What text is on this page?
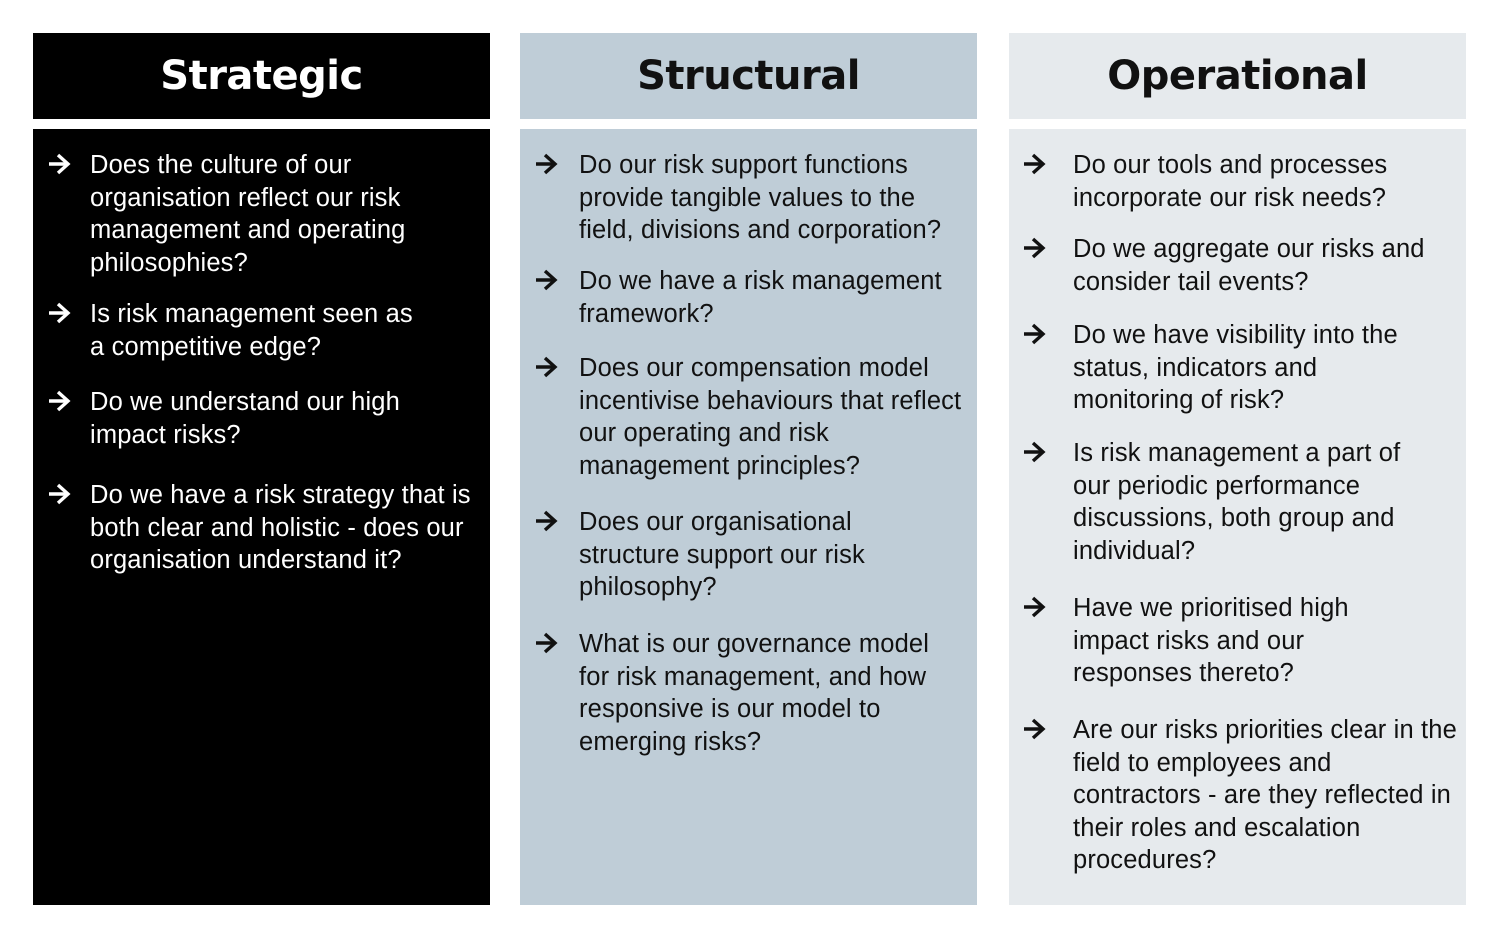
Strategic
Does the culture of our organisation reflect our risk management and operating philosophies?
Is risk management seen as a competitive edge?
Do we understand our high impact risks?
Do we have a risk strategy that is both clear and holistic - does our organisation understand it?
Structural
Do our risk support functions provide tangible values to the field, divisions and corporation?
Do we have a risk management framework?
Does our compensation model incentivise behaviours that reflect our operating and risk management principles?
Does our organisational structure support our risk philosophy?
What is our governance model for risk management, and how responsive is our model to emerging risks?
Operational
Do our tools and processes incorporate our risk needs?
Do we aggregate our risks and consider tail events?
Do we have visibility into the status, indicators and monitoring of risk?
Is risk management a part of our periodic performance discussions, both group and individual?
Have we prioritised high impact risks and our responses thereto?
Are our risks priorities clear in the field to employees and contractors - are they reflected in their roles and escalation procedures?
